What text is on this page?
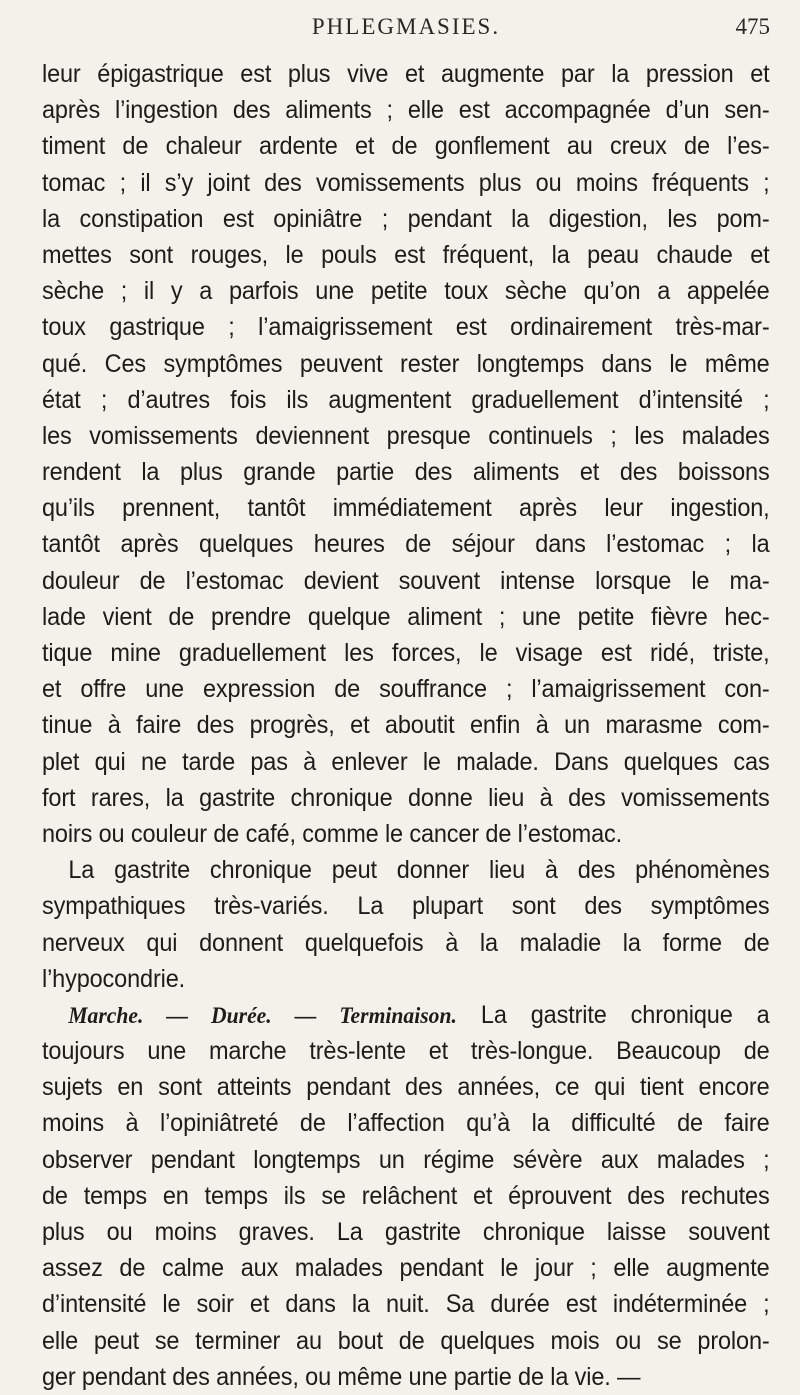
PHLEGMASIES.	475
leur épigastrique est plus vive et augmente par la pression et
après l’ingestion des aliments ; elle est accompagnée d’un sen-
timent de chaleur ardente et de gonflement au creux de l’es-
tomac ; il s’y joint des vomissements plus ou moins fréquents ;
la constipation est opiniâtre ; pendant la digestion, les pom-
mettes sont rouges, le pouls est fréquent, la peau chaude et
sèche ; il y a parfois une petite toux sèche qu’on a appelée
toux gastrique ; l’amaigrissement est ordinairement très-mar-
qué. Ces symptômes peuvent rester longtemps dans le même
état ; d’autres fois ils augmentent graduellement d’intensité ;
les vomissements deviennent presque continuels ; les malades
rendent la plus grande partie des aliments et des boissons
qu’ils prennent, tantôt immédiatement après leur ingestion,
tantôt après quelques heures de séjour dans l’estomac ; la
douleur de l’estomac devient souvent intense lorsque le ma-
lade vient de prendre quelque aliment ; une petite fièvre hec-
tique mine graduellement les forces, le visage est ridé, triste,
et offre une expression de souffrance ; l’amaigrissement con-
tinue à faire des progrès, et aboutit enfin à un marasme com-
plet qui ne tarde pas à enlever le malade. Dans quelques cas
fort rares, la gastrite chronique donne lieu à des vomissements
noirs ou couleur de café, comme le cancer de l’estomac.
La gastrite chronique peut donner lieu à des phénomènes
sympathiques très-variés. La plupart sont des symptômes
nerveux qui donnent quelquefois à la maladie la forme de
l’hypocondrie.
Marche. — Durée. — Terminaison. La gastrite chronique a
toujours une marche très-lente et très-longue. Beaucoup de
sujets en sont atteints pendant des années, ce qui tient encore
moins à l’opiniâtreté de l’affection qu’à la difficulté de faire
observer pendant longtemps un régime sévère aux malades ;
de temps en temps ils se relâchent et éprouvent des rechutes
plus ou moins graves. La gastrite chronique laisse souvent
assez de calme aux malades pendant le jour ; elle augmente
d’intensité le soir et dans la nuit. Sa durée est indéterminée ;
elle peut se terminer au bout de quelques mois ou se prolon-
ger pendant des années, ou même une partie de la vie. —
